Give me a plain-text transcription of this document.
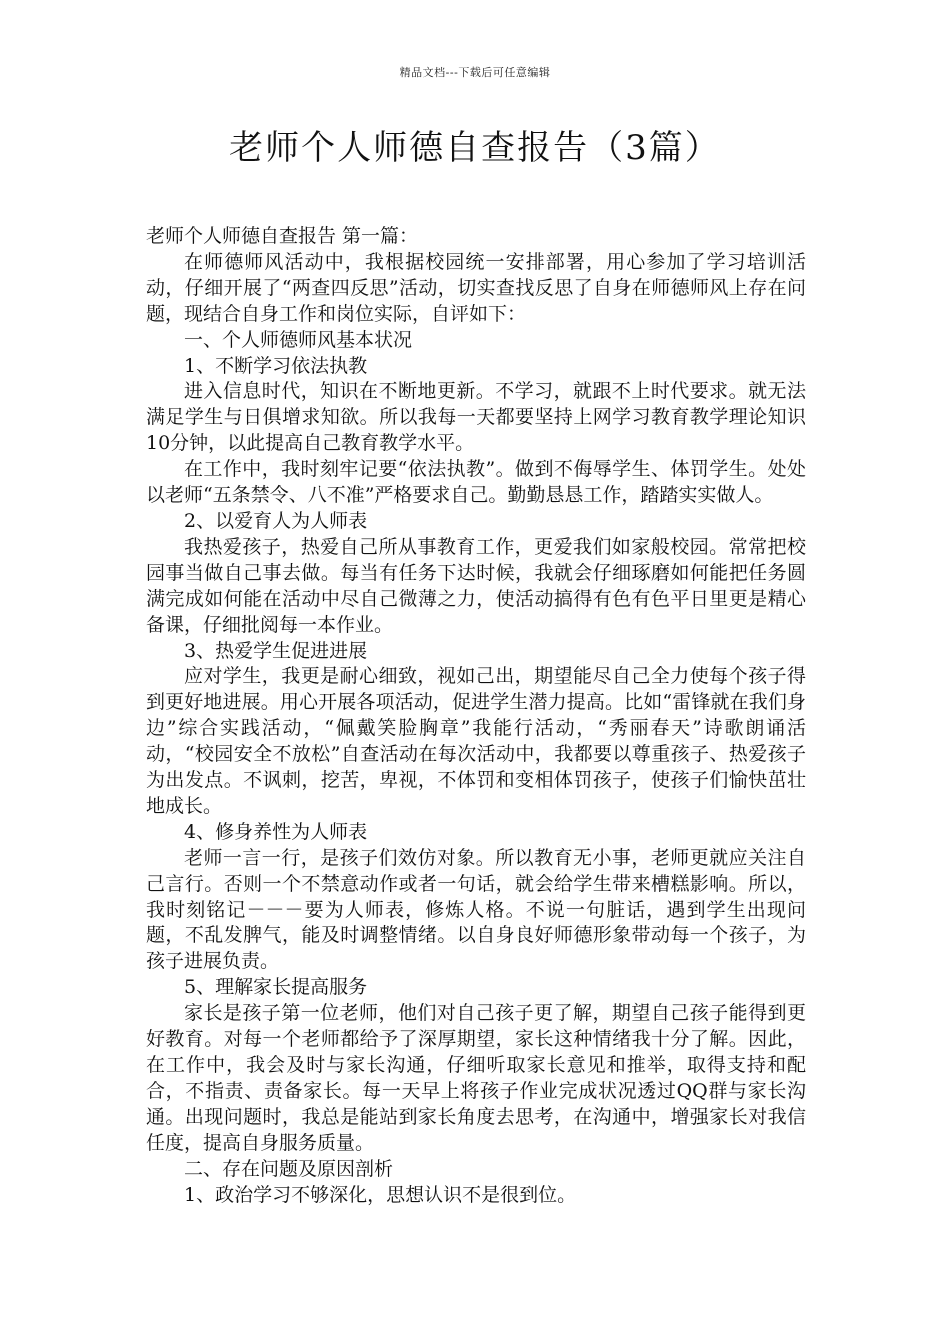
精品文档---下载后可任意编辑
老师个人师德自查报告（3篇）

老师个人师德自查报告 第一篇：

在师德师风活动中，我根据校园统一安排部署，用心参加了学习培训活动，仔细开展了“两查四反思”活动，切实查找反思了自身在师德师风上存在问题，现结合自身工作和岗位实际，自评如下：

一、个人师德师风基本状况

1、不断学习依法执教

进入信息时代，知识在不断地更新。不学习，就跟不上时代要求。就无法满足学生与日俱增求知欲。所以我每一天都要坚持上网学习教育教学理论知识10分钟，以此提高自己教育教学水平。

在工作中，我时刻牢记要“依法执教”。做到不侮辱学生、体罚学生。处处以老师“五条禁令、八不准”严格要求自己。勤勤恳恳工作，踏踏实实做人。

2、以爱育人为人师表

我热爱孩子，热爱自己所从事教育工作，更爱我们如家般校园。常常把校园事当做自己事去做。每当有任务下达时候，我就会仔细琢磨如何能把任务圆满完成如何能在活动中尽自己微薄之力，使活动搞得有色有色平日里更是精心备课，仔细批阅每一本作业。

3、热爱学生促进进展

应对学生，我更是耐心细致，视如己出，期望能尽自己全力使每个孩子得到更好地进展。用心开展各项活动，促进学生潜力提高。比如“雷锋就在我们身边”综合实践活动，“佩戴笑脸胸章”我能行活动，“秀丽春天”诗歌朗诵活动，“校园安全不放松”自查活动在每次活动中，我都要以尊重孩子、热爱孩子为出发点。不讽刺，挖苦，卑视，不体罚和变相体罚孩子，使孩子们愉快茁壮地成长。

4、修身养性为人师表

老师一言一行，是孩子们效仿对象。所以教育无小事，老师更就应关注自己言行。否则一个不禁意动作或者一句话，就会给学生带来槽糕影响。所以，我时刻铭记－－－要为人师表，修炼人格。不说一句脏话，遇到学生出现问题，不乱发脾气，能及时调整情绪。以自身良好师德形象带动每一个孩子，为孩子进展负责。

5、理解家长提高服务

家长是孩子第一位老师，他们对自己孩子更了解，期望自己孩子能得到更好教育。对每一个老师都给予了深厚期望，家长这种情绪我十分了解。因此，在工作中，我会及时与家长沟通，仔细听取家长意见和推举，取得支持和配合，不指责、责备家长。每一天早上将孩子作业完成状况透过QQ群与家长沟通。出现问题时，我总是能站到家长角度去思考，在沟通中，增强家长对我信任度，提高自身服务质量。

二、存在问题及原因剖析

1、政治学习不够深化，思想认识不是很到位。
